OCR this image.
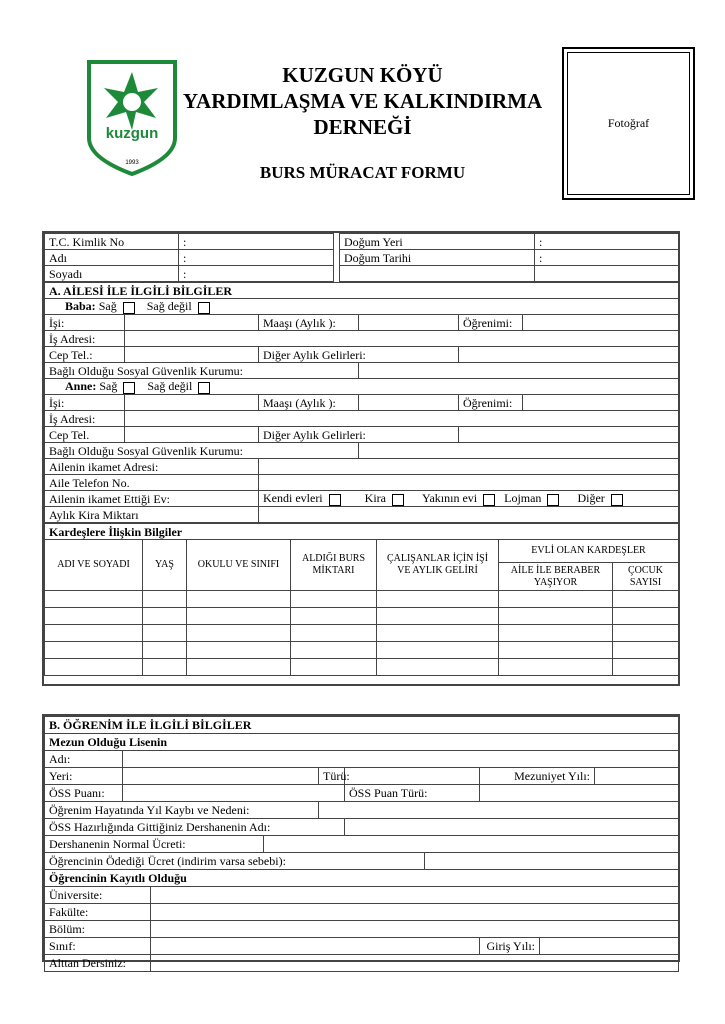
kuzgun
1993
KUZGUN KÖYÜ
YARDIMLAŞMA VE KALKINDIRMA
DERNEĞİ
BURS MÜRACAT FORMU
Fotoğraf
T.C. Kimlik No	:		Doğum Yeri	:
Adı	:		Doğum Tarihi	:
Soyadı	:			
A. AİLESİ İLE İLGİLİ BİLGİLER					
Baba: Sağ Sağ değil					
İşi:		Maaşı (Aylık ):		Öğrenimi:	
İş Adresi:					
Cep Tel.:		Diğer Aylık Gelirleri:			
Bağlı Olduğu Sosyal Güvenlik Kurumu:					
Anne: Sağ Sağ değil					
İşi:		Maaşı (Aylık ):		Öğrenimi:	
İş Adresi:					
Cep Tel.		Diğer Aylık Gelirleri:			
Bağlı Olduğu Sosyal Güvenlik Kurumu:					
Ailenin ikamet Adresi:					
Aile Telefon No.					
Ailenin ikamet Ettiği Ev:		Kendi evleri Kira Yakının evi Lojman Diğer			
Aylık Kira Miktarı					
Kardeşlere İlişkin Bilgiler						
ADI VE SOYADI	YAŞ	OKULU VE SINIFI	ALDIĞI BURS MİKTARI	ÇALIŞANLAR İÇİN İŞİ VE AYLIK GELİRİ	EVLİ OLAN KARDEŞLER	
					AİLE İLE BERABER YAŞIYOR	ÇOCUK SAYISI

B. ÖĞRENİM İLE İLGİLİ BİLGİLER									
Mezun Olduğu Lisenin									
Adı:									
Yeri:				Türü:			Mezuniyet Yılı:		
ÖSS Puanı:					ÖSS Puan Türü:				
Öğrenim Hayatında Yıl Kaybı ve Nedeni:									
ÖSS Hazırlığında Gittiğiniz Dershanenin Adı:									
Dershanenin Normal Ücreti:									
Öğrencinin Ödediği Ücret (indirim varsa sebebi):									
Öğrencinin Kayıtlı Olduğu									
Üniversite:									
Fakülte:									
Bölüm:									
Sınıf:							Giriş Yılı:		
Alttan Dersiniz:									
